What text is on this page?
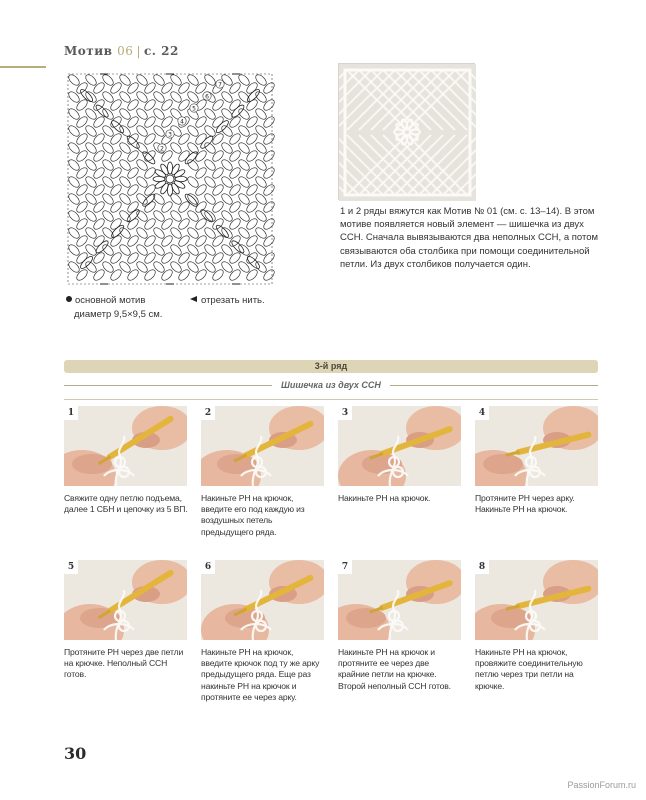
Мотив 06 | с. 22
2
3
4
5
6
7
основной мотив
диаметр 9,5×9,5 см.
отрезать нить.
1 и 2 ряды вяжутся как Мотив № 01 (см. с. 13–14). В этом мотиве появляется новый элемент — шишечка из двух ССН. Сначала вывязываются два неполных ССН, а потом связываются оба столбика при помощи соединительной петли. Из двух столбиков получается один.
3-й ряд
Шишечка из двух ССН
1
Свяжите одну петлю подъема, далее 1 СБН и цепочку из 5 ВП.
2
Накиньте РН на крючок, введите его под каждую из воздушных петель предыдущего ряда.
3
Накиньте РН на крючок.
4
Протяните РН через арку. Накиньте РН на крючок.
5
Протяните РН через две петли на крючке. Неполный ССН готов.
6
Накиньте РН на крючок, введите крючок под ту же арку предыдущего ряда. Еще раз накиньте РН на крючок и протяните ее через арку.
7
Накиньте РН на крючок и протяните ее через две крайние петли на крючке. Второй неполный ССН готов.
8
Накиньте РН на крючок, провяжите соединительную петлю через три петли на крючке.
30
PassionForum.ru
